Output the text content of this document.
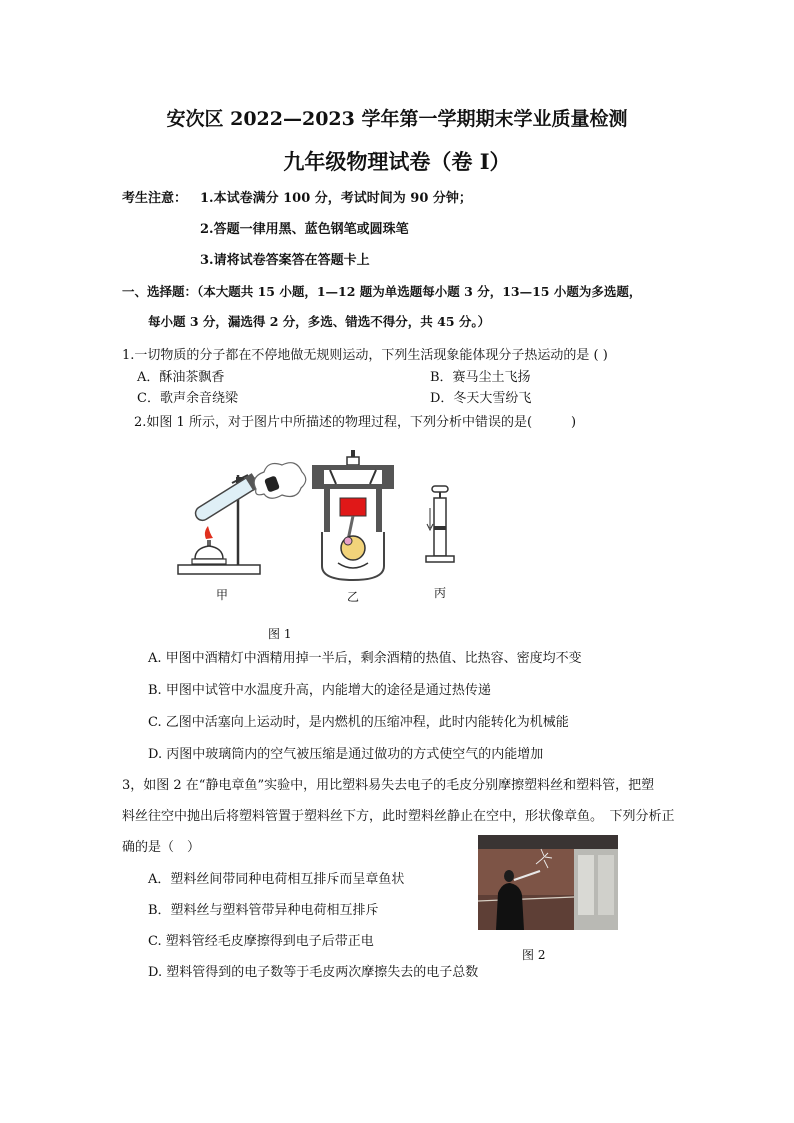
安次区 2022—2023 学年第一学期期末学业质量检测
九年级物理试卷（卷 I）
考生注意： 1.本试卷满分 100 分，考试时间为 90 分钟；
2.答题一律用黑、蓝色钢笔或圆珠笔
3.请将试卷答案答在答题卡上
一、选择题：（本大题共 15 小题，1—12 题为单选题每小题 3 分，13—15 小题为多选题，
每小题 3 分，漏选得 2 分，多选、错选不得分，共 45 分。）
1.一切物质的分子都在不停地做无规则运动，下列生活现象能体现分子热运动的是 ( )
A．酥油茶飘香	B．赛马尘土飞扬
C．歌声余音绕梁	D．冬天大雪纷飞
2.如图 1 所示，对于图片中所描述的物理过程，下列分析中错误的是(　　　)
甲	乙	丙
图 1
A. 甲图中酒精灯中酒精用掉一半后，剩余酒精的热值、比热容、密度均不变
B. 甲图中试管中水温度升高，内能增大的途径是通过热传递
C. 乙图中活塞向上运动时，是内燃机的压缩冲程，此时内能转化为机械能
D. 丙图中玻璃筒内的空气被压缩是通过做功的方式使空气的内能增加
3，如图 2 在“静电章鱼”实验中，用比塑料易失去电子的毛皮分别摩擦塑料丝和塑料管，把塑
料丝往空中抛出后将塑料管置于塑料丝下方，此时塑料丝静止在空中，形状像章鱼。　下列分析正
确的是（　）
图 2
A．塑料丝间带同种电荷相互排斥而呈章鱼状
B．塑料丝与塑料管带异种电荷相互排斥
C. 塑料管经毛皮摩擦得到电子后带正电
D. 塑料管得到的电子数等于毛皮两次摩擦失去的电子总数
